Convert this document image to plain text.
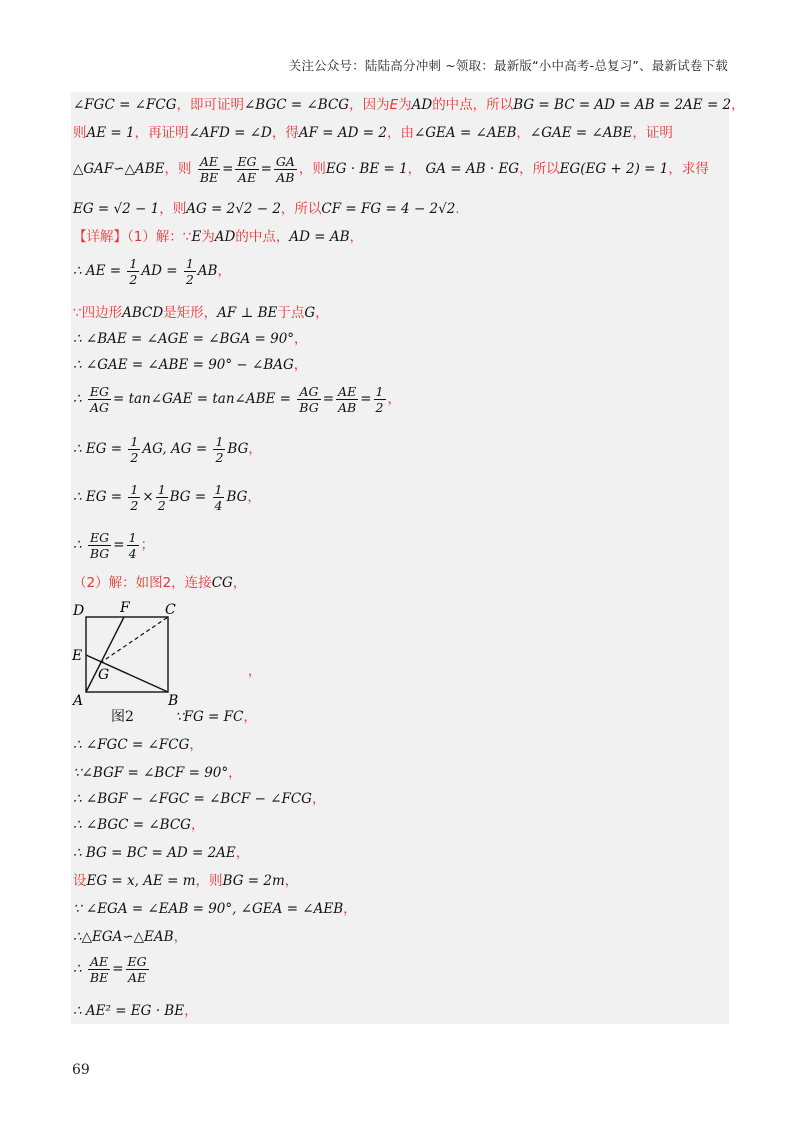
关注公众号：陆陆高分冲刺 ~领取：最新版“小中高考-总复习”、最新试卷下载
∠FGC = ∠FCG，即可证明∠BGC = ∠BCG，因为E为AD的中点，所以BG = BC = AD = AB = 2AE = 2，
则AE = 1，再证明∠AFD = ∠D，得AF = AD = 2，由∠GEA = ∠AEB，∠GAE = ∠ABE，证明
△GAF∽△ABE，则 $\frac{AE}{BE} = \frac{EG}{AE} = \frac{GA}{AB}$ ，则EG · BE = 1， GA = AB · EG，所以EG(EG + 2) = 1，求得
EG = √2 − 1，则AG = 2√2 − 2，所以CF = FG = 4 − 2√2．
【详解】（1）解：∵E为AD的中点，AD = AB，
∴ AE = $\frac{1}{2}$ AD = $\frac{1}{2}$ AB，
∵四边形ABCD是矩形，AF ⊥ BE于点G，
∴ ∠BAE = ∠AGE = ∠BGA = 90°，
∴ ∠GAE = ∠ABE = 90° − ∠BAG，
∴ $\frac{EG}{AG}$ = tan∠GAE = tan∠ABE = $\frac{AG}{BG} = \frac{AE}{AB} = \frac{1}{2}$ ，
∴ EG = $\frac{1}{2}$ AG, AG = $\frac{1}{2}$ BG，
∴ EG = $\frac{1}{2} \times \frac{1}{2}$ BG = $\frac{1}{4}$ BG，
∴ $\frac{EG}{BG} = \frac{1}{4}$ ；
（2）解：如图2，连接CG，
D	F	C
E
G
A	B
，
图2	∵FG = FC，
∴ ∠FGC = ∠FCG，
∵∠BGF = ∠BCF = 90°，
∴ ∠BGF − ∠FGC = ∠BCF − ∠FCG，
∴ ∠BGC = ∠BCG，
∴ BG = BC = AD = 2AE，
设EG = x, AE = m，则BG = 2m，
∵ ∠EGA = ∠EAB = 90°, ∠GEA = ∠AEB，
∴△EGA∽△EAB，
∴ $\frac{AE}{BE} = \frac{EG}{AE}$
∴ AE² = EG · BE，
69
